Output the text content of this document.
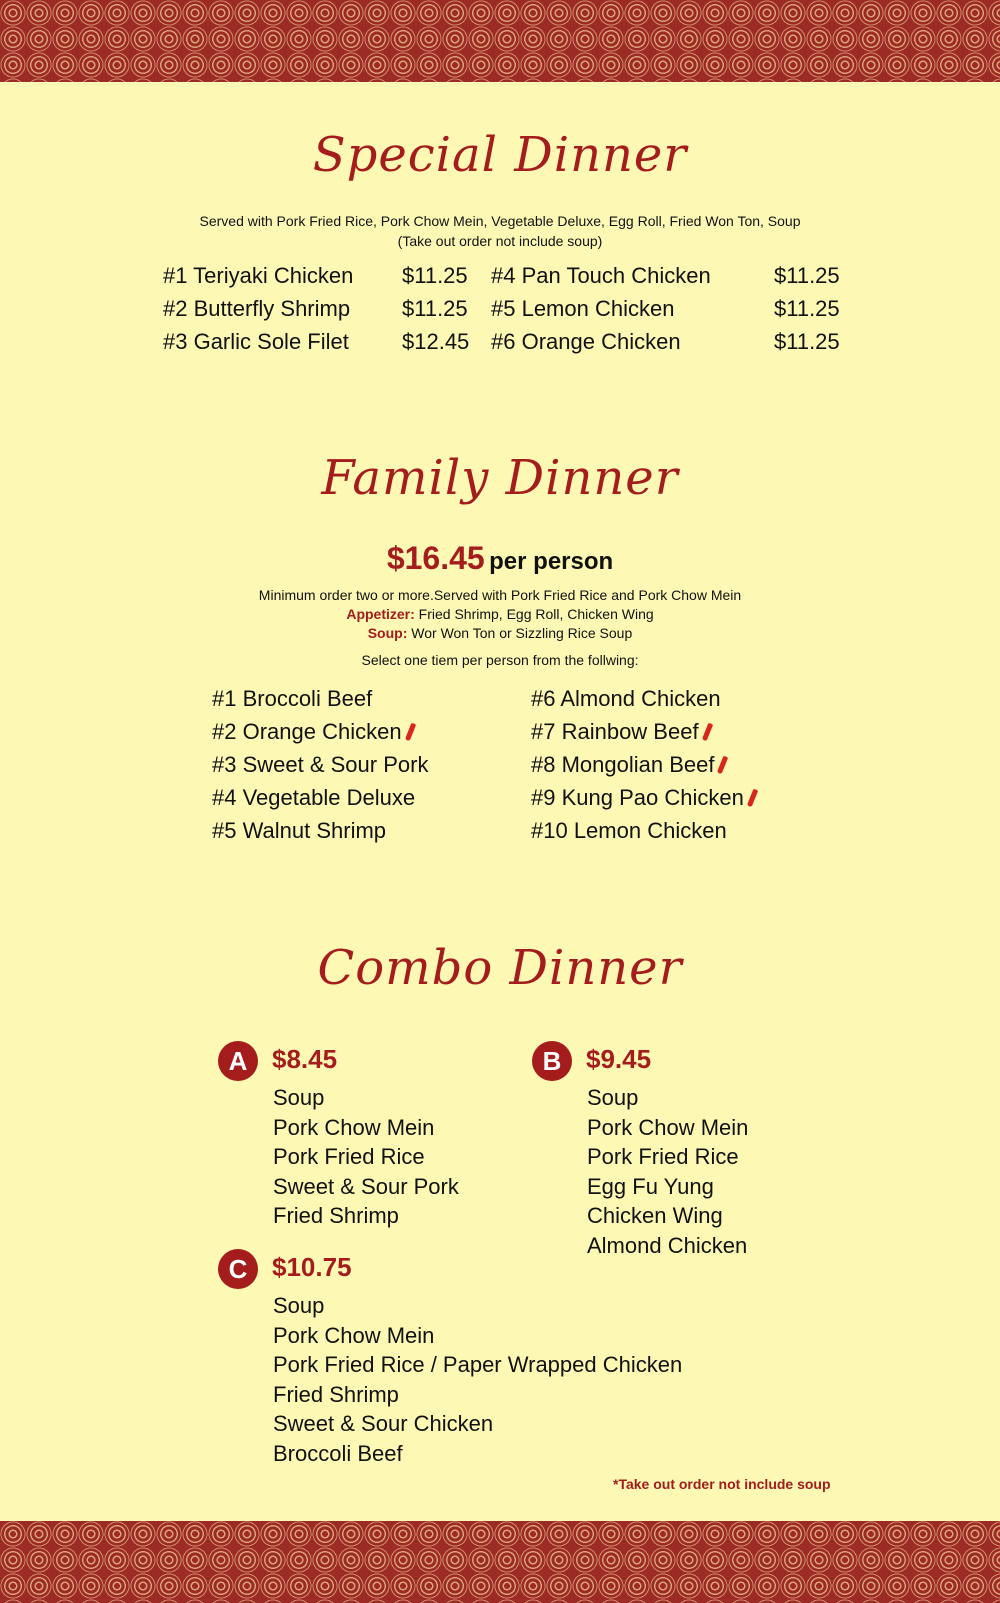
Special Dinner
Served with Pork Fried Rice, Pork Chow Mein, Vegetable Deluxe, Egg Roll, Fried Won Ton, Soup
(Take out order not include soup)
#1 Teriyaki Chicken $11.25
#2 Butterfly Shrimp $11.25
#3 Garlic Sole Filet $12.45
#4 Pan Touch Chicken	$11.25
#5 Lemon Chicken	$11.25
#6 Orange Chicken	$11.25
Family Dinner
$16.45 per person
Minimum order two or more.Served with Pork Fried Rice and Pork Chow Mein
Appetizer: Fried Shrimp, Egg Roll, Chicken Wing
Soup: Wor Won Ton or Sizzling Rice Soup
Select one tiem per person from the follwing:
#1 Broccoli Beef
#2 Orange Chicken
#3 Sweet & Sour Pork
#4 Vegetable Deluxe
#5 Walnut Shrimp
#6 Almond Chicken
#7 Rainbow Beef
#8 Mongolian Beef
#9 Kung Pao Chicken
#10 Lemon Chicken
Combo Dinner
A $8.45
Soup
Pork Chow Mein
Pork Fried Rice
Sweet & Sour Pork
Fried Shrimp
B $9.45
Soup
Pork Chow Mein
Pork Fried Rice
Egg Fu Yung
Chicken Wing
Almond Chicken
C $10.75
Soup
Pork Chow Mein
Pork Fried Rice / Paper Wrapped Chicken
Fried Shrimp
Sweet & Sour Chicken
Broccoli Beef
*Take out order not include soup
